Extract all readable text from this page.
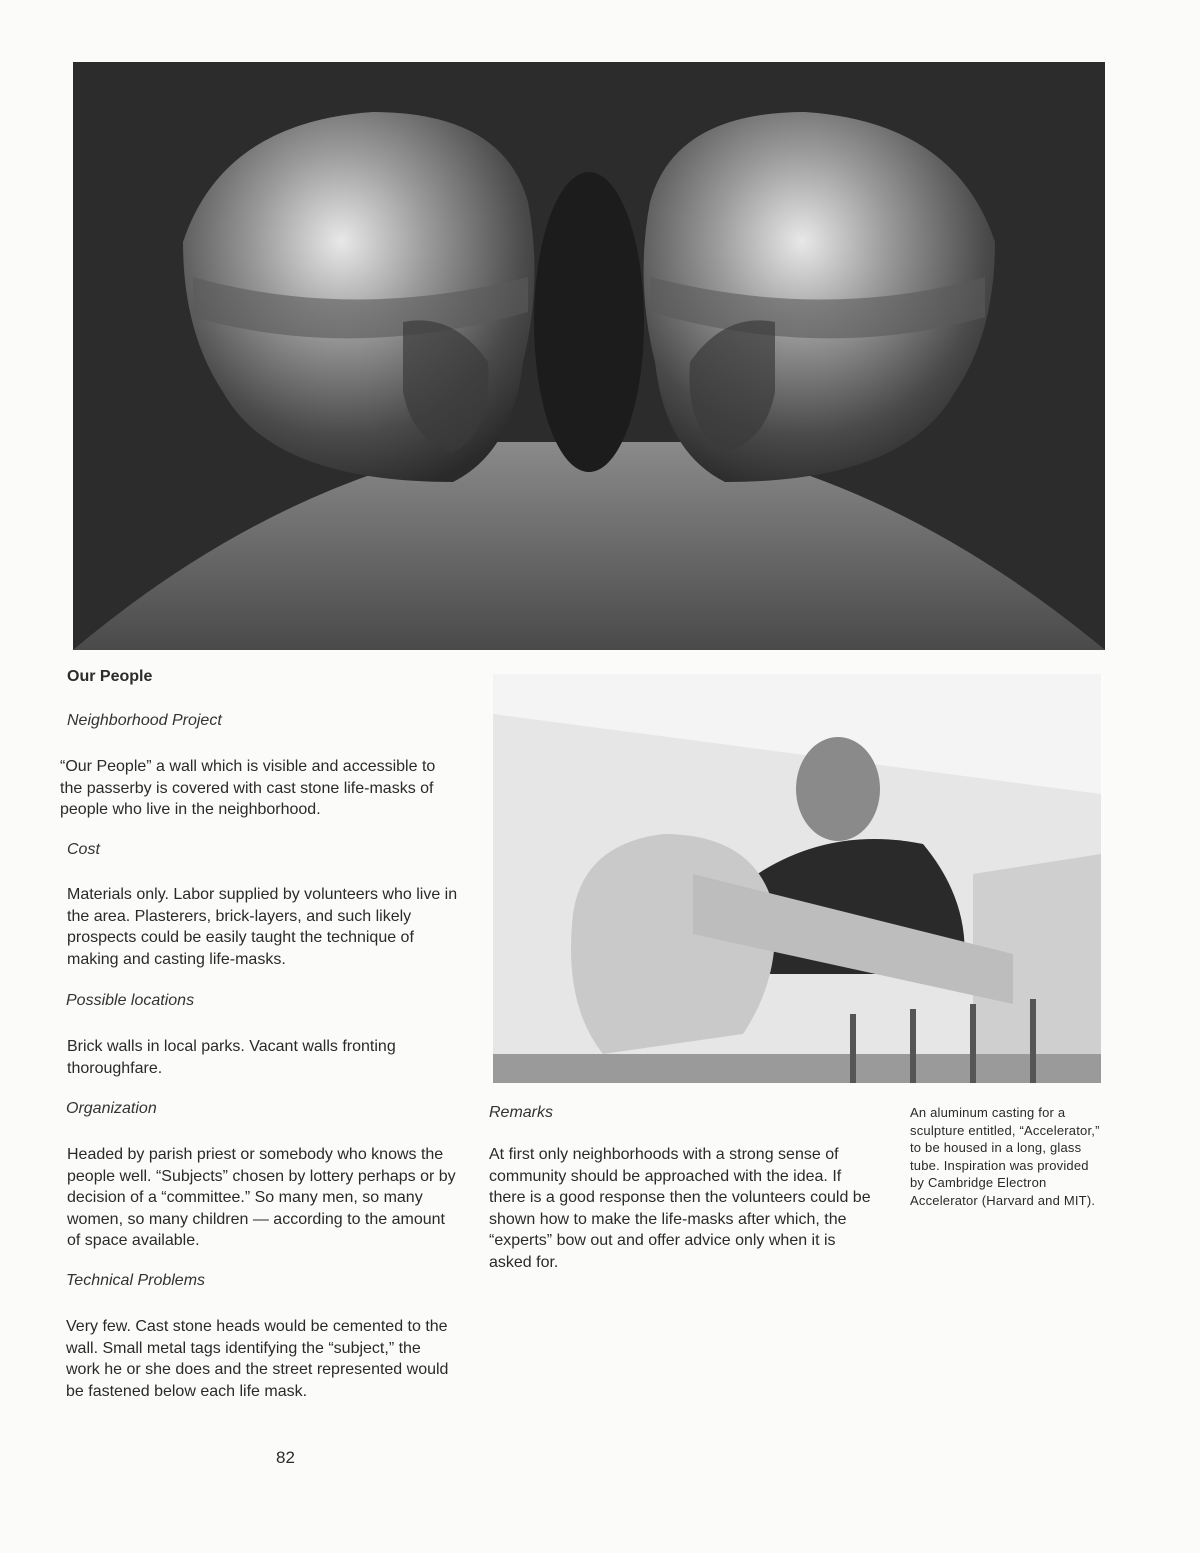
Our People
Neighborhood Project
“Our People” a wall which is visible and accessible to the passerby is covered with cast stone life-masks of people who live in the neighborhood.
Cost
Materials only. Labor supplied by volunteers who live in the area. Plasterers, brick-layers, and such likely prospects could be easily taught the technique of making and casting life-masks.
Possible locations
Brick walls in local parks. Vacant walls fronting thoroughfare.
Organization
Headed by parish priest or somebody who knows the people well. “Subjects” chosen by lottery perhaps or by decision of a “committee.” So many men, so many women, so many children — according to the amount of space available.
Technical Problems
Very few. Cast stone heads would be cemented to the wall. Small metal tags identifying the “subject,” the work he or she does and the street represented would be fastened below each life mask.
Remarks
At first only neighborhoods with a strong sense of community should be approached with the idea. If there is a good response then the volunteers could be shown how to make the life-masks after which, the “experts” bow out and offer advice only when it is asked for.
An aluminum casting for a sculpture entitled, “Accelerator,” to be housed in a long, glass tube. Inspiration was provided by Cambridge Electron Accelerator (Harvard and MIT).
82
